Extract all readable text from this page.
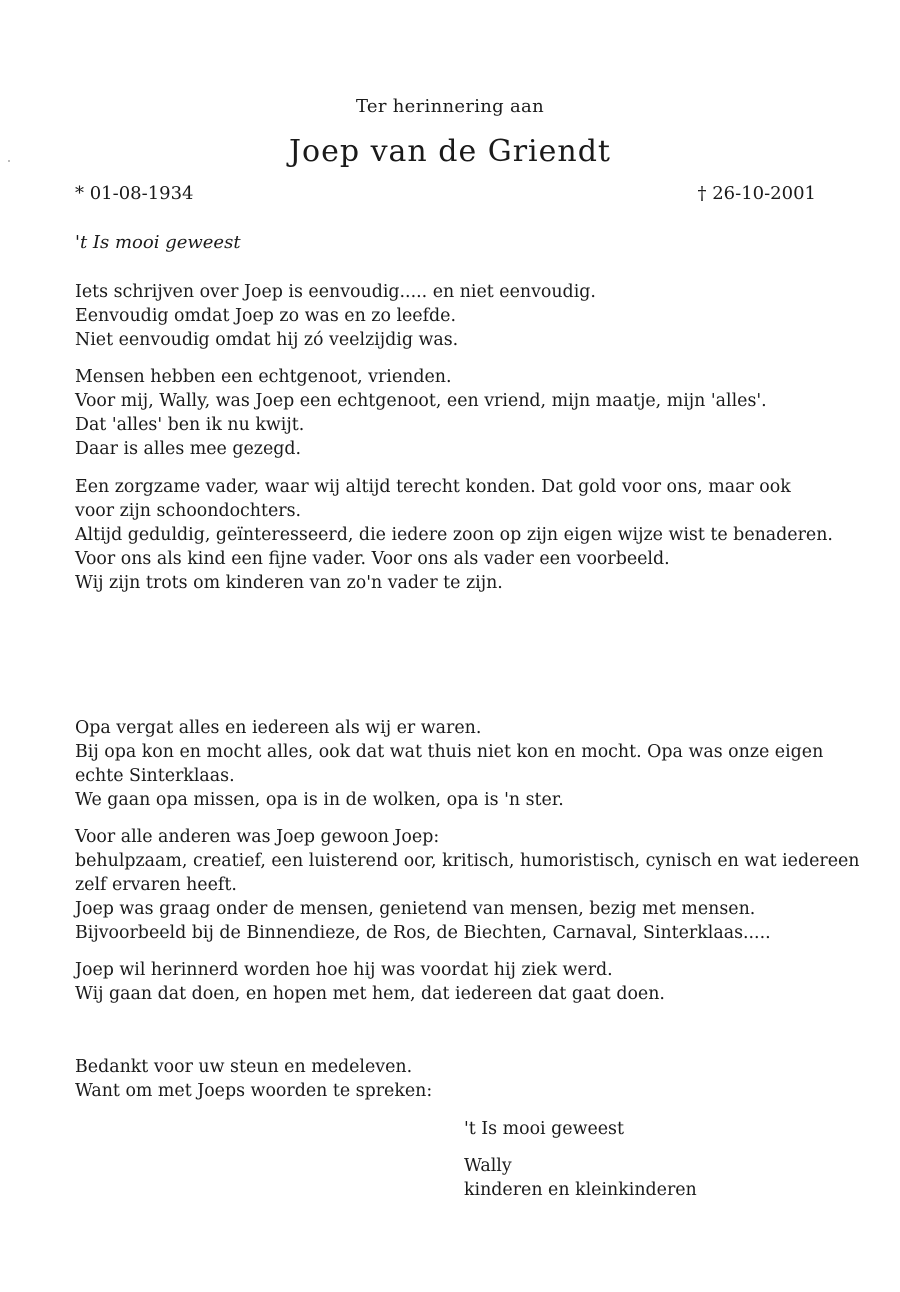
Ter herinnering aan
Joep van de Griendt
* 01-08-1934	† 26-10-2001
't Is mooi geweest
Iets schrijven over Joep is eenvoudig..... en niet eenvoudig.
Eenvoudig omdat Joep zo was en zo leefde.
Niet eenvoudig omdat hij zó veelzijdig was.
Mensen hebben een echtgenoot, vrienden.
Voor mij, Wally, was Joep een echtgenoot, een vriend, mijn maatje, mijn 'alles'.
Dat 'alles' ben ik nu kwijt.
Daar is alles mee gezegd.
Een zorgzame vader, waar wij altijd terecht konden. Dat gold voor ons, maar ook
voor zijn schoondochters.
Altijd geduldig, geïnteresseerd, die iedere zoon op zijn eigen wijze wist te benaderen.
Voor ons als kind een fijne vader. Voor ons als vader een voorbeeld.
Wij zijn trots om kinderen van zo'n vader te zijn.
Opa vergat alles en iedereen als wij er waren.
Bij opa kon en mocht alles, ook dat wat thuis niet kon en mocht. Opa was onze eigen
echte Sinterklaas.
We gaan opa missen, opa is in de wolken, opa is 'n ster.
Voor alle anderen was Joep gewoon Joep:
behulpzaam, creatief, een luisterend oor, kritisch, humoristisch, cynisch en wat iedereen
zelf ervaren heeft.
Joep was graag onder de mensen, genietend van mensen, bezig met mensen.
Bijvoorbeeld bij de Binnendieze, de Ros, de Biechten, Carnaval, Sinterklaas.....
Joep wil herinnerd worden hoe hij was voordat hij ziek werd.
Wij gaan dat doen, en hopen met hem, dat iedereen dat gaat doen.
Bedankt voor uw steun en medeleven.
Want om met Joeps woorden te spreken:
't Is mooi geweest
Wally
kinderen en kleinkinderen
